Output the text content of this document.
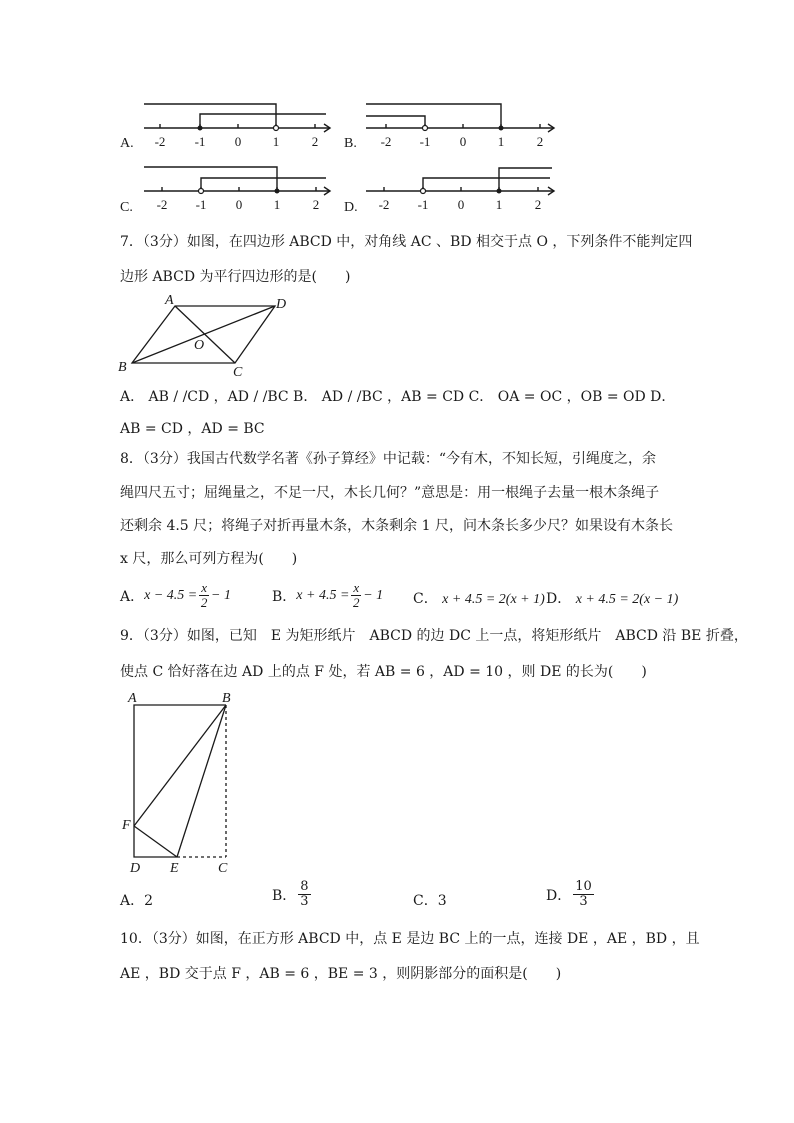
A. -2 -1 0 1	2 B. -2 -1 0 1	2
C. -2 -1 0 1	2 D. -2 -1 0 1	2
7．（3分）如图，在四边形 ABCD 中，对角线 AC 、BD 相交于点 O ，下列条件不能判定四
边形 ABCD 为平行四边形的是(　　)
A	D
B	C
O
A． AB / /CD ，AD / /BC B． AD / /BC ，AB = CD C． OA = OC ，OB = OD D．
AB = CD ，AD = BC
8．（3分）我国古代数学名著《孙子算经》中记载：“今有木，不知长短，引绳度之，余
绳四尺五寸；屈绳量之，不足一尺，木长几何？”意思是：用一根绳子去量一根木条绳子
还剩余 4.5 尺；将绳子对折再量木条，木条剩余 1 尺，问木条长多少尺？如果设有木条长
x 尺，那么可列方程为(　　)
A． $x - 4.5 = \frac{x}{2} - 1$	B． $x + 4.5 = \frac{x}{2} - 1$ C． x + 4.5 = 2(x + 1) D． x + 4.5 = 2(x − 1)
9．（3分）如图，已知　E 为矩形纸片　ABCD 的边 DC 上一点，将矩形纸片　ABCD 沿 BE 折叠，
使点 C 恰好落在边 AD 上的点 F 处，若 AB = 6 ，AD = 10 ，则 DE 的长为(　　)
A	B
F
D E	C
A．2	B． $\frac{8}{3}$	C．3	D． $\frac{10}{3}$
10．（3分）如图，在正方形 ABCD 中，点 E 是边 BC 上的一点，连接 DE ，AE ，BD ，且
AE ，BD 交于点 F ，AB = 6 ，BE = 3 ，则阴影部分的面积是(　　)
